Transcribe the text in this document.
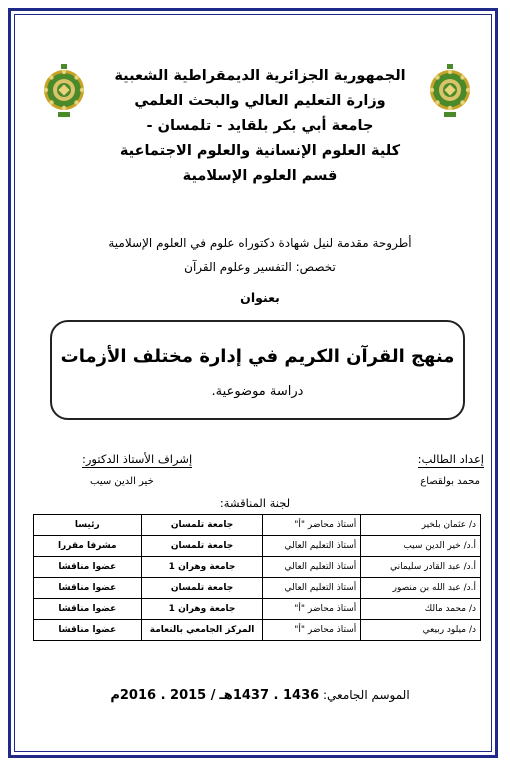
الجمهورية الجزائرية الديمقراطية الشعبية
وزارة التعليم العالي والبحث العلمي
جامعة أبي بكر بلقايد - تلمسان -
كلية العلوم الإنسانية والعلوم الاجتماعية
قسم العلوم الإسلامية
أطروحة مقدمة لنيل شهادة دكتوراه علوم في العلوم الإسلامية
تخصص: التفسير وعلوم القرآن
بعنوان
منهج القرآن الكريم في إدارة مختلف الأزمات
دراسة موضوعية.
إعداد الطالب:
محمد بولقصاع
إشراف الأستاذ الدكتور:
خير الدين سيب
لجنة المناقشة:
د/ عثمان بلخير	أستاذ محاضر "أ"	جامعة تلمسان	رئيسا
أ.د/ خير الدين سيب	أستاذ التعليم العالي	جامعة تلمسان	مشرفا مقررا
أ.د/ عبد القادر سليماني	أستاذ التعليم العالي	جامعة وهران 1	عضوا مناقشا
أ.د/ عبد الله بن منصور	أستاذ التعليم العالي	جامعة تلمسان	عضوا مناقشا
د/ محمد مالك	أستاذ محاضر "أ"	جامعة وهران 1	عضوا مناقشا
د/ ميلود ربيعي	أستاذ محاضر "أ"	المركز الجامعي بالنعامة	عضوا مناقشا
الموسم الجامعي: 1436 . 1437هـ / 2015 . 2016م
